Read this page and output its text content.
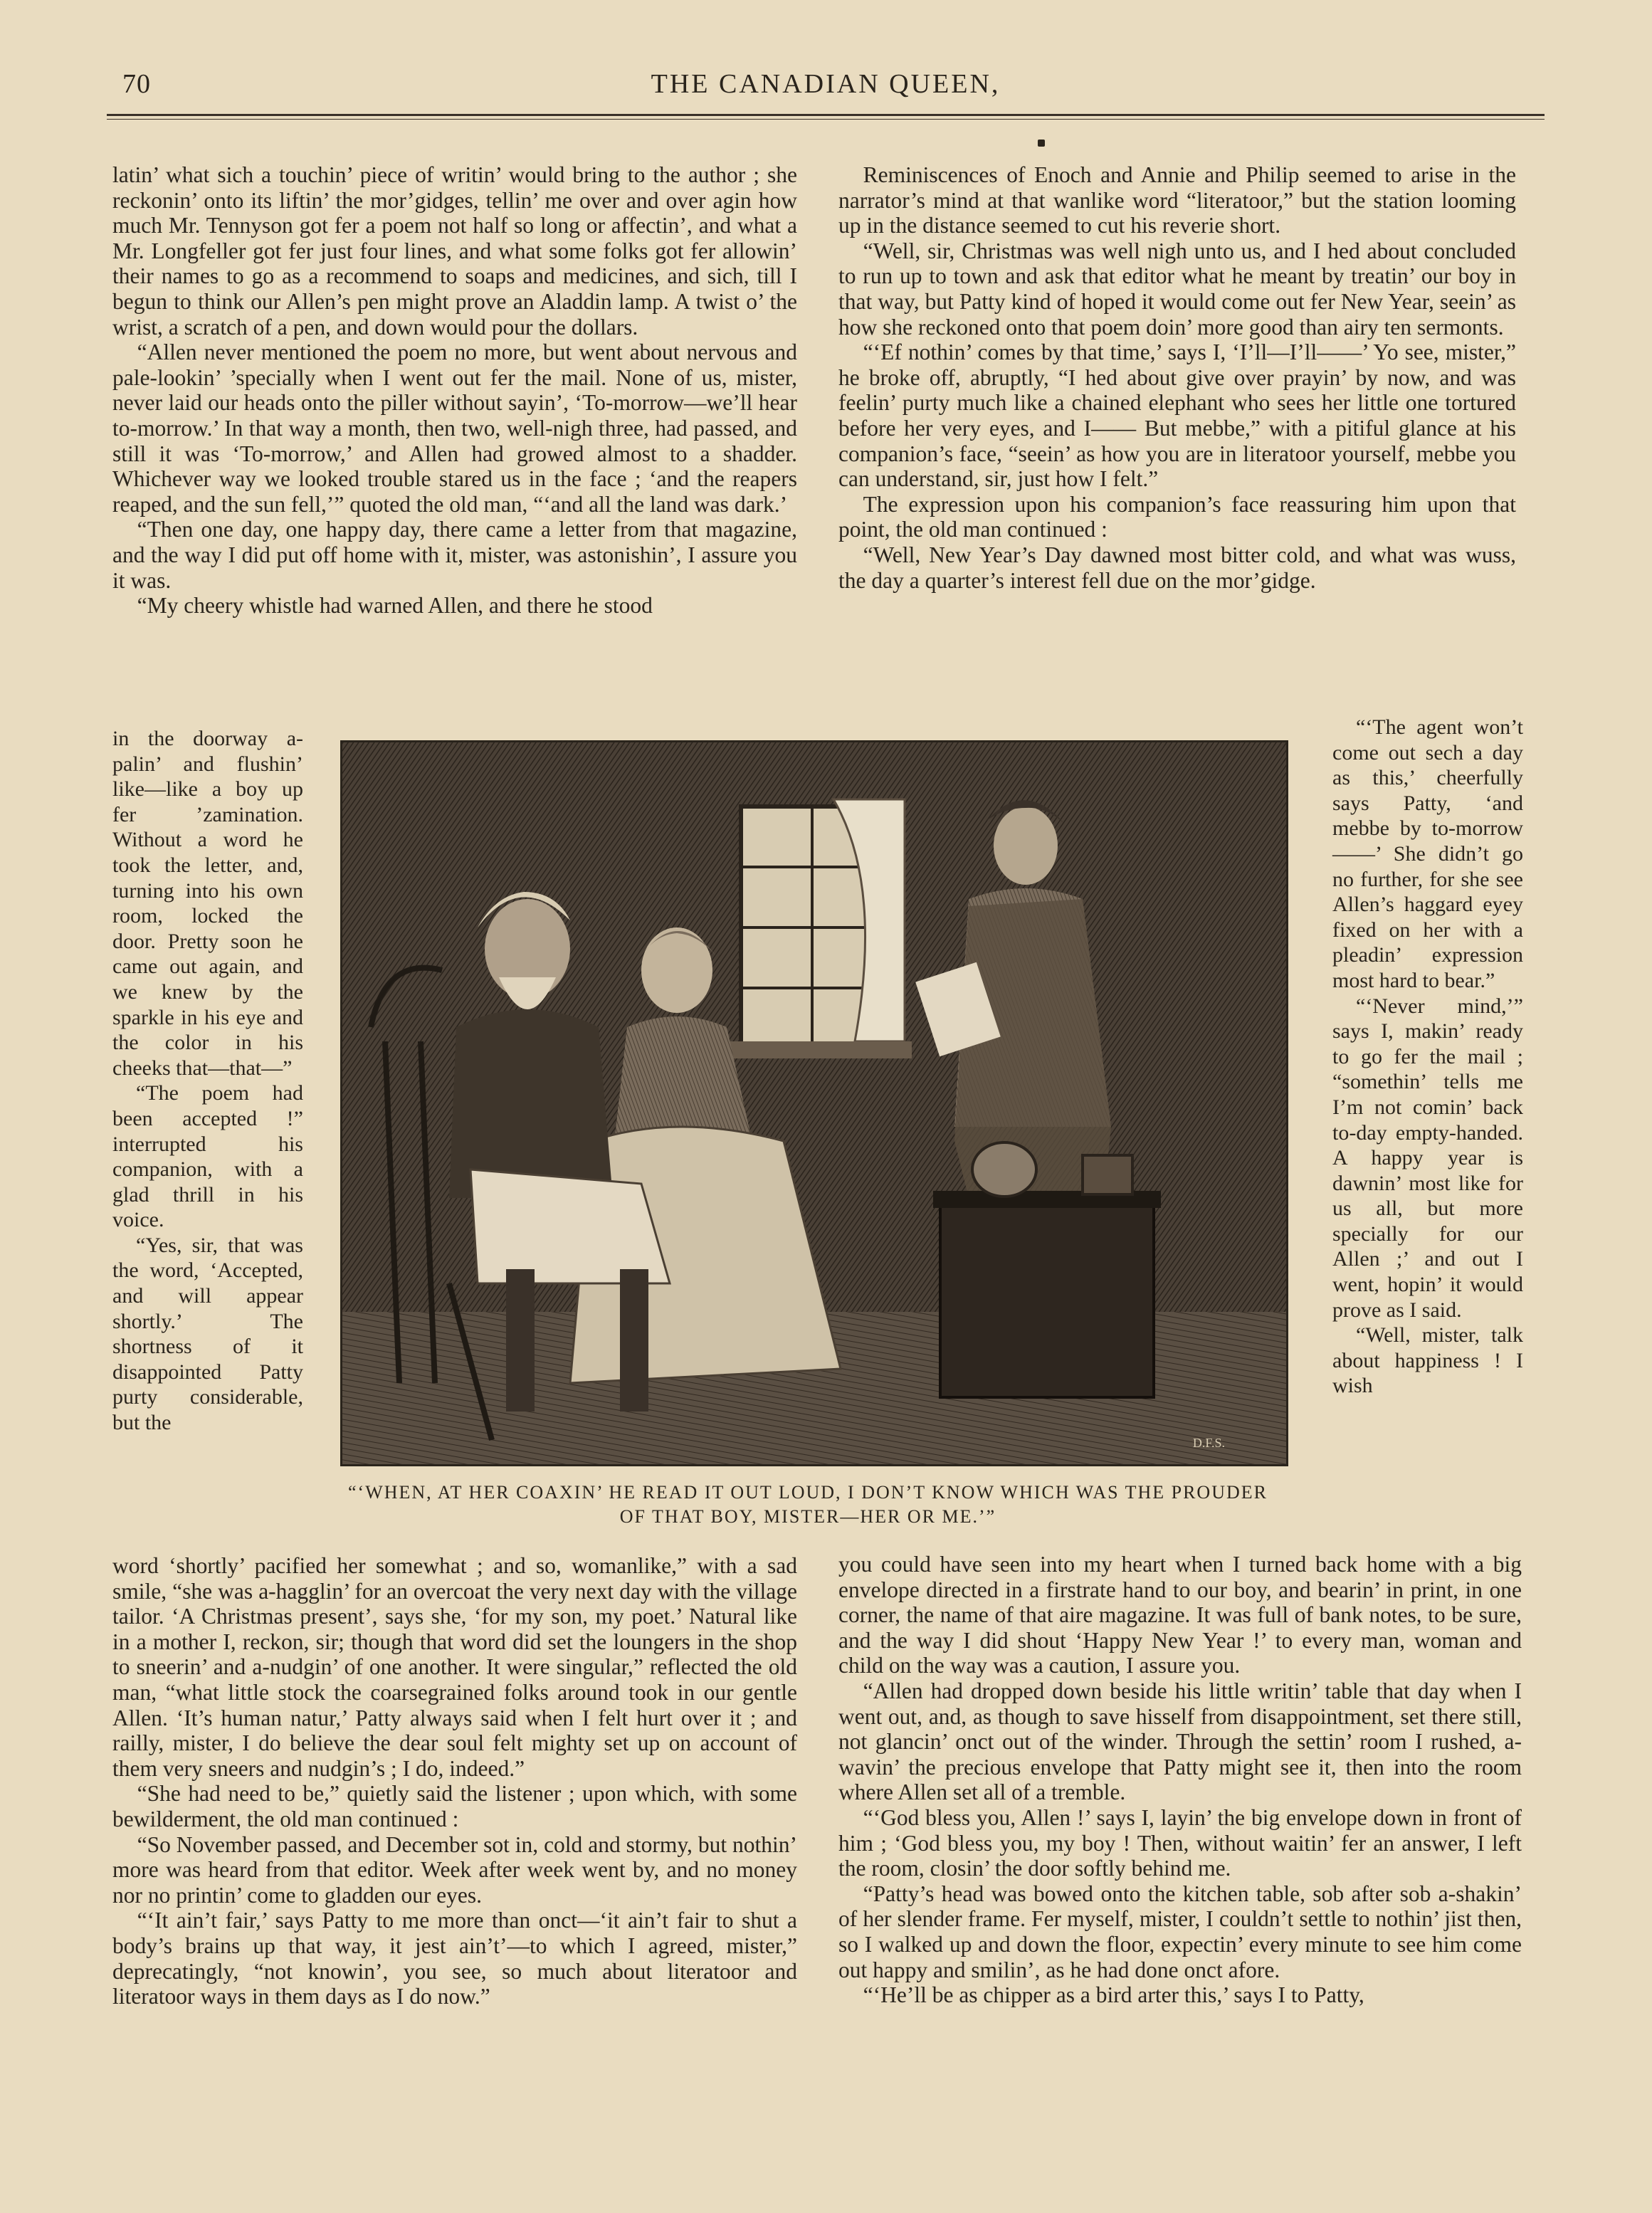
70	THE CANADIAN QUEEN,

latin’ what sich a touchin’ piece of writin’ would bring to the author ; she reckonin’ onto its liftin’ the mor’gidges, tellin’ me over and over agin how much Mr. Tennyson got fer a poem not half so long or affectin’, and what a Mr. Longfeller got fer just four lines, and what some folks got fer allowin’ their names to go as a recommend to soaps and medicines, and sich, till I begun to think our Allen’s pen might prove an Aladdin lamp. A twist o’ the wrist, a scratch of a pen, and down would pour the dollars.

“Allen never mentioned the poem no more, but went about nervous and pale-lookin’ ’specially when I went out fer the mail. None of us, mister, never laid our heads onto the piller without sayin’, ‘To-morrow—we’ll hear to-morrow.’ In that way a month, then two, well-nigh three, had passed, and still it was ‘To-morrow,’ and Allen had growed almost to a shadder. Whichever way we looked trouble stared us in the face ; ‘and the reapers reaped, and the sun fell,’” quoted the old man, “‘and all the land was dark.’

“Then one day, one happy day, there came a letter from that magazine, and the way I did put off home with it, mister, was astonishin’, I assure you it was.

“My cheery whistle had warned Allen, and there he stood

in the doorway a-palin’ and flushin’ like—like a boy up fer ’zamination. Without a word he took the letter, and, turning into his own room, locked the door. Pretty soon he came out again, and we knew by the sparkle in his eye and the color in his cheeks that—that—”

“The poem had been accepted !” interrupted his companion, with a glad thrill in his voice.

“Yes, sir, that was the word, ‘Accepted, and will appear shortly.’ The shortness of it disappointed Patty purty considerable, but the

word ‘shortly’ pacified her somewhat ; and so, womanlike,” with a sad smile, “she was a-hagglin’ for an overcoat the very next day with the village tailor. ‘A Christmas present’, says she, ‘for my son, my poet.’ Natural like in a mother I, reckon, sir; though that word did set the loungers in the shop to sneerin’ and a-nudgin’ of one another. It were singular,” reflected the old man, “what little stock the coarsegrained folks around took in our gentle Allen. ‘It’s human natur,’ Patty always said when I felt hurt over it ; and railly, mister, I do believe the dear soul felt mighty set up on account of them very sneers and nudgin’s ; I do, indeed.”

“She had need to be,” quietly said the listener ; upon which, with some bewilderment, the old man continued :

“So November passed, and December sot in, cold and stormy, but nothin’ more was heard from that editor. Week after week went by, and no money nor no printin’ come to gladden our eyes.

“‘It ain’t fair,’ says Patty to me more than onct—‘it ain’t fair to shut a body’s brains up that way, it jest ain’t’—to which I agreed, mister,” deprecatingly, “not knowin’, you see, so much about literatoor and literatoor ways in them days as I do now.”

Reminiscences of Enoch and Annie and Philip seemed to arise in the narrator’s mind at that wanlike word “literatoor,” but the station looming up in the distance seemed to cut his reverie short.

“Well, sir, Christmas was well nigh unto us, and I hed about concluded to run up to town and ask that editor what he meant by treatin’ our boy in that way, but Patty kind of hoped it would come out fer New Year, seein’ as how she reckoned onto that poem doin’ more good than airy ten sermonts.

“‘Ef nothin’ comes by that time,’ says I, ‘I’ll—I’ll——’ Yo see, mister,” he broke off, abruptly, “I hed about give over prayin’ by now, and was feelin’ purty much like a chained elephant who sees her little one tortured before her very eyes, and I—— But mebbe,” with a pitiful glance at his companion’s face, “seein’ as how you are in literatoor yourself, mebbe you can understand, sir, just how I felt.”

The expression upon his companion’s face reassuring him upon that point, the old man continued :

“Well, New Year’s Day dawned most bitter cold, and what was wuss, the day a quarter’s interest fell due on the mor’gidge.

“‘The agent won’t come out sech a day as this,’ cheerfully says Patty, ‘and mebbe by to-morrow——’ She didn’t go no further, for she see Allen’s haggard eyey fixed on her with a pleadin’ expression most hard to bear.”

“‘Never mind,’” says I, makin’ ready to go fer the mail ; “somethin’ tells me I’m not comin’ back to-day empty-handed. A happy year is dawnin’ most like for us all, but more specially for our Allen ;’ and out I went, hopin’ it would prove as I said.

“Well, mister, talk about happiness ! I wish

you could have seen into my heart when I turned back home with a big envelope directed in a firstrate hand to our boy, and bearin’ in print, in one corner, the name of that aire magazine. It was full of bank notes, to be sure, and the way I did shout ‘Happy New Year !’ to every man, woman and child on the way was a caution, I assure you.

“Allen had dropped down beside his little writin’ table that day when I went out, and, as though to save hisself from disappointment, set there still, not glancin’ onct out of the winder. Through the settin’ room I rushed, a-wavin’ the precious envelope that Patty might see it, then into the room where Allen set all of a tremble.

“‘God bless you, Allen !’ says I, layin’ the big envelope down in front of him ; ‘God bless you, my boy ! Then, without waitin’ fer an answer, I left the room, closin’ the door softly behind me.

“Patty’s head was bowed onto the kitchen table, sob after sob a-shakin’ of her slender frame. Fer myself, mister, I couldn’t settle to nothin’ jist then, so I walked up and down the floor, expectin’ every minute to see him come out happy and smilin’, as he had done onct afore.

“‘He’ll be as chipper as a bird arter this,’ says I to Patty,

D.F.S.
“‘WHEN, AT HER COAXIN’ HE READ IT OUT LOUD, I DON’T KNOW WHICH WAS THE PROUDER OF THAT BOY, MISTER—HER OR ME.’”
